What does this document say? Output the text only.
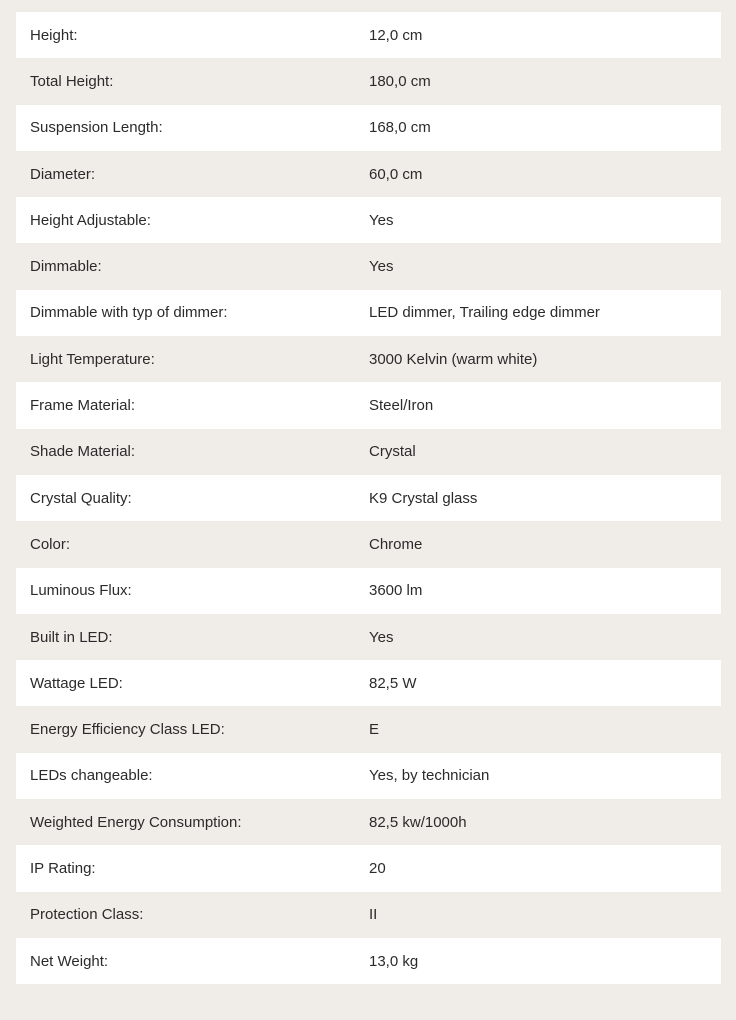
Height:	12,0 cm
Total Height:	180,0 cm
Suspension Length:	168,0 cm
Diameter:	60,0 cm
Height Adjustable:	Yes
Dimmable:	Yes
Dimmable with typ of dimmer:	LED dimmer, Trailing edge dimmer
Light Temperature:	3000 Kelvin (warm white)
Frame Material:	Steel/Iron
Shade Material:	Crystal
Crystal Quality:	K9 Crystal glass
Color:	Chrome
Luminous Flux:	3600 lm
Built in LED:	Yes
Wattage LED:	82,5 W
Energy Efficiency Class LED:	E
LEDs changeable:	Yes, by technician
Weighted Energy Consumption:	82,5 kw/1000h
IP Rating:	20
Protection Class:	II
Net Weight:	13,0 kg
